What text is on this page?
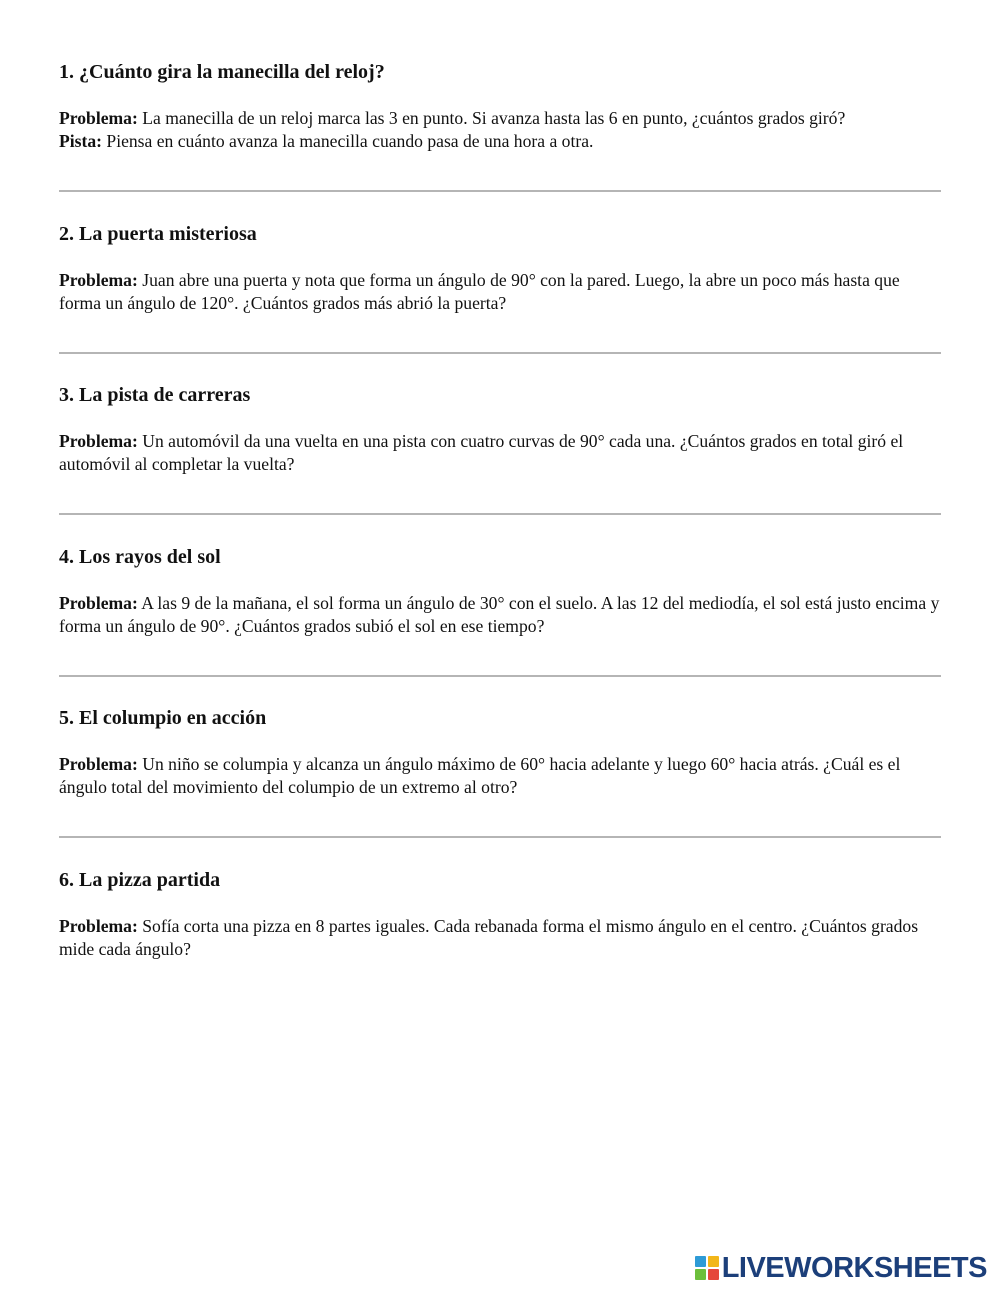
1. ¿Cuánto gira la manecilla del reloj?

Problema: La manecilla de un reloj marca las 3 en punto. Si avanza hasta las 6 en punto, ¿cuántos grados giró?
Pista: Piensa en cuánto avanza la manecilla cuando pasa de una hora a otra.

2. La puerta misteriosa

Problema: Juan abre una puerta y nota que forma un ángulo de 90° con la pared. Luego, la abre un poco más hasta que forma un ángulo de 120°. ¿Cuántos grados más abrió la puerta?

3. La pista de carreras

Problema: Un automóvil da una vuelta en una pista con cuatro curvas de 90° cada una. ¿Cuántos grados en total giró el automóvil al completar la vuelta?

4. Los rayos del sol

Problema: A las 9 de la mañana, el sol forma un ángulo de 30° con el suelo. A las 12 del mediodía, el sol está justo encima y forma un ángulo de 90°. ¿Cuántos grados subió el sol en ese tiempo?

5. El columpio en acción

Problema: Un niño se columpia y alcanza un ángulo máximo de 60° hacia adelante y luego 60° hacia atrás. ¿Cuál es el ángulo total del movimiento del columpio de un extremo al otro?

6. La pizza partida

Problema: Sofía corta una pizza en 8 partes iguales. Cada rebanada forma el mismo ángulo en el centro. ¿Cuántos grados mide cada ángulo?

LIVEWORKSHEETS
